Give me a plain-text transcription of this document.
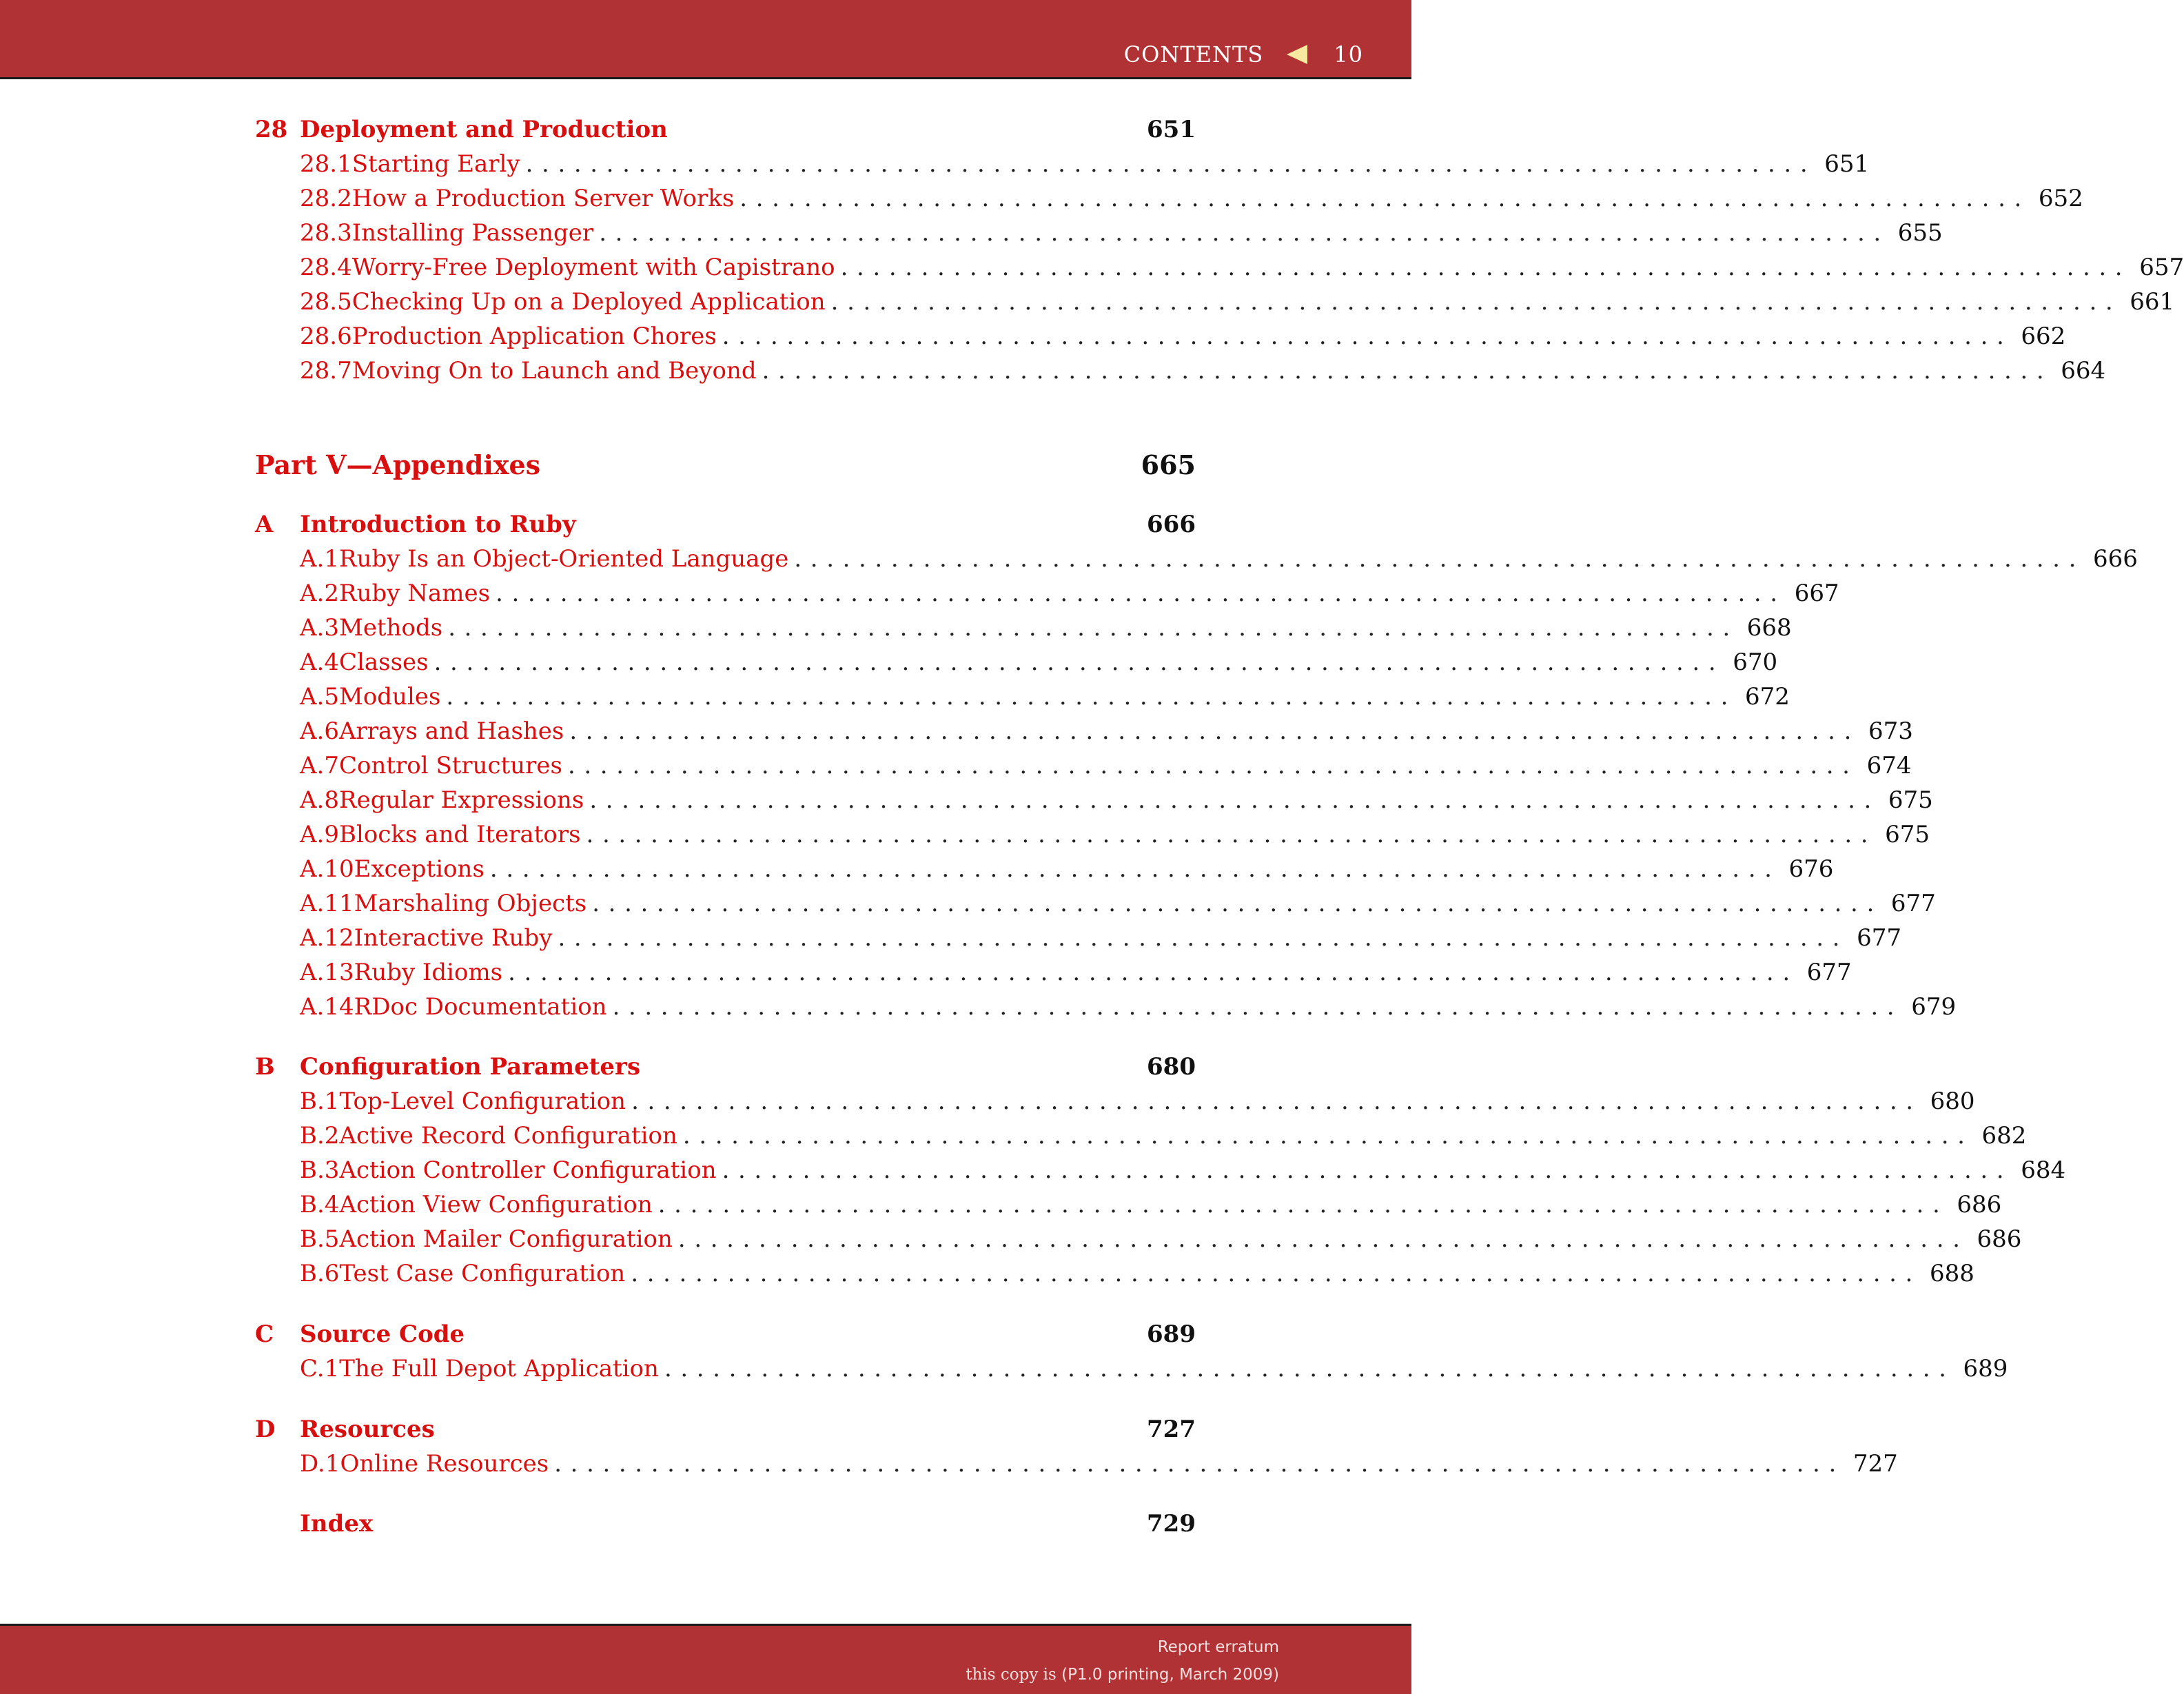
CONTENTS	10
28 Deployment and Production	651
28.1 Starting Early ................................................................................ 651
28.2 How a Production Server Works ................................................................................ 652
28.3 Installing Passenger ................................................................................ 655
28.4 Worry-Free Deployment with Capistrano ................................................................................ 657
28.5 Checking Up on a Deployed Application ................................................................................ 661
28.6 Production Application Chores ................................................................................ 662
28.7 Moving On to Launch and Beyond ................................................................................ 664
Part V—Appendixes	665
A	Introduction to Ruby	666
A.1 Ruby Is an Object-Oriented Language ................................................................................ 666
A.2 Ruby Names ................................................................................ 667
A.3 Methods ................................................................................ 668
A.4 Classes ................................................................................ 670
A.5 Modules ................................................................................ 672
A.6 Arrays and Hashes ................................................................................ 673
A.7 Control Structures ................................................................................ 674
A.8 Regular Expressions ................................................................................ 675
A.9 Blocks and Iterators ................................................................................ 675
A.10 Exceptions ................................................................................ 676
A.11 Marshaling Objects ................................................................................ 677
A.12 Interactive Ruby ................................................................................ 677
A.13 Ruby Idioms ................................................................................ 677
A.14 RDoc Documentation ................................................................................ 679
B	Configuration Parameters	680
B.1 Top-Level Configuration ................................................................................ 680
B.2 Active Record Configuration ................................................................................ 682
B.3 Action Controller Configuration ................................................................................ 684
B.4 Action View Configuration ................................................................................ 686
B.5 Action Mailer Configuration ................................................................................ 686
B.6 Test Case Configuration ................................................................................ 688
C	Source Code	689
C.1 The Full Depot Application ................................................................................ 689
D	Resources	727
D.1 Online Resources ................................................................................ 727
Index	729
Report erratum
this copy is (P1.0 printing, March 2009)
